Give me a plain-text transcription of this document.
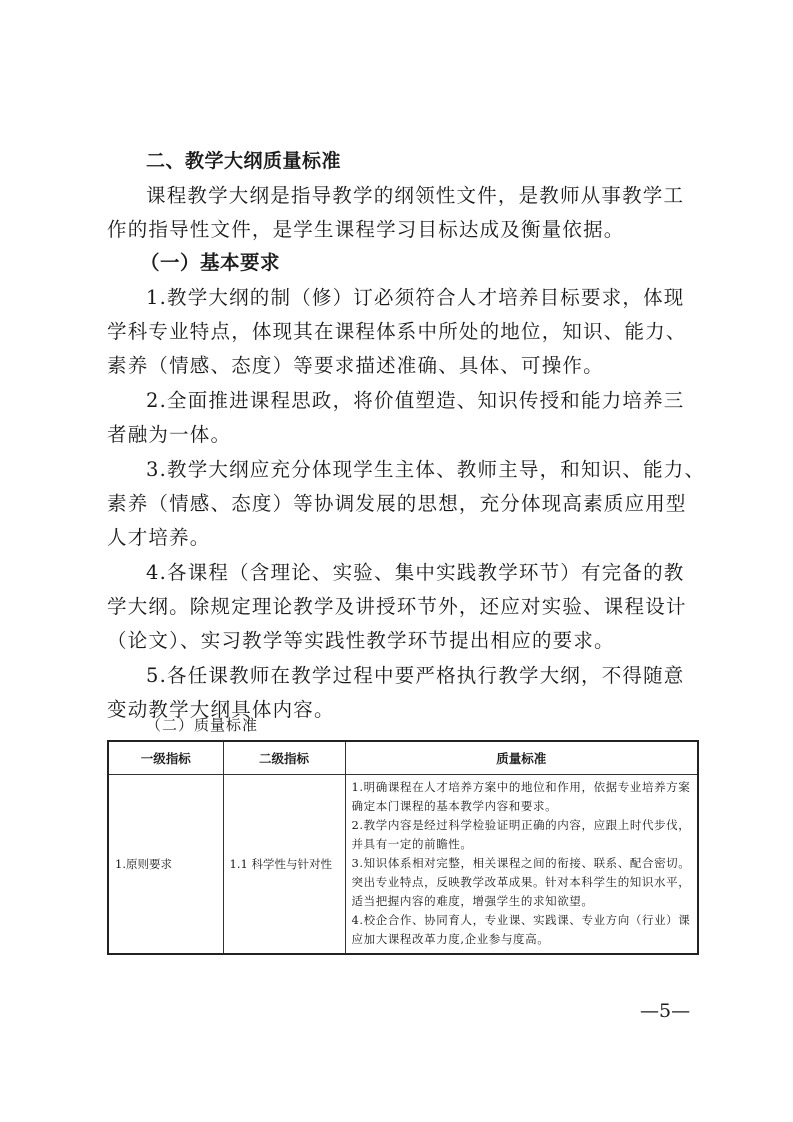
二、教学大纲质量标准
课程教学大纲是指导教学的纲领性文件，是教师从事教学工
作的指导性文件，是学生课程学习目标达成及衡量依据。
（一）基本要求
1.教学大纲的制（修）订必须符合人才培养目标要求，体现
学科专业特点，体现其在课程体系中所处的地位，知识、能力、
素养（情感、态度）等要求描述准确、具体、可操作。
2.全面推进课程思政，将价值塑造、知识传授和能力培养三
者融为一体。
3.教学大纲应充分体现学生主体、教师主导，和知识、能力、
素养（情感、态度）等协调发展的思想，充分体现高素质应用型
人才培养。
4.各课程（含理论、实验、集中实践教学环节）有完备的教
学大纲。除规定理论教学及讲授环节外，还应对实验、课程设计
（论文）、实习教学等实践性教学环节提出相应的要求。
5.各任课教师在教学过程中要严格执行教学大纲，不得随意
变动教学大纲具体内容。
（二）质量标准
一级指标	二级指标	质量标准
1.原则要求	1.1 科学性与针对性	1.明确课程在人才培养方案中的地位和作用，依据专业培养方案确定本门课程的基本教学内容和要求。
2.教学内容是经过科学检验证明正确的内容，应跟上时代步伐，并具有一定的前瞻性。
3.知识体系相对完整，相关课程之间的衔接、联系、配合密切。突出专业特点，反映教学改革成果。针对本科学生的知识水平，适当把握内容的难度，增强学生的求知欲望。
4.校企合作、协同育人，专业课、实践课、专业方向（行业）课应加大课程改革力度,企业参与度高。
—5—
